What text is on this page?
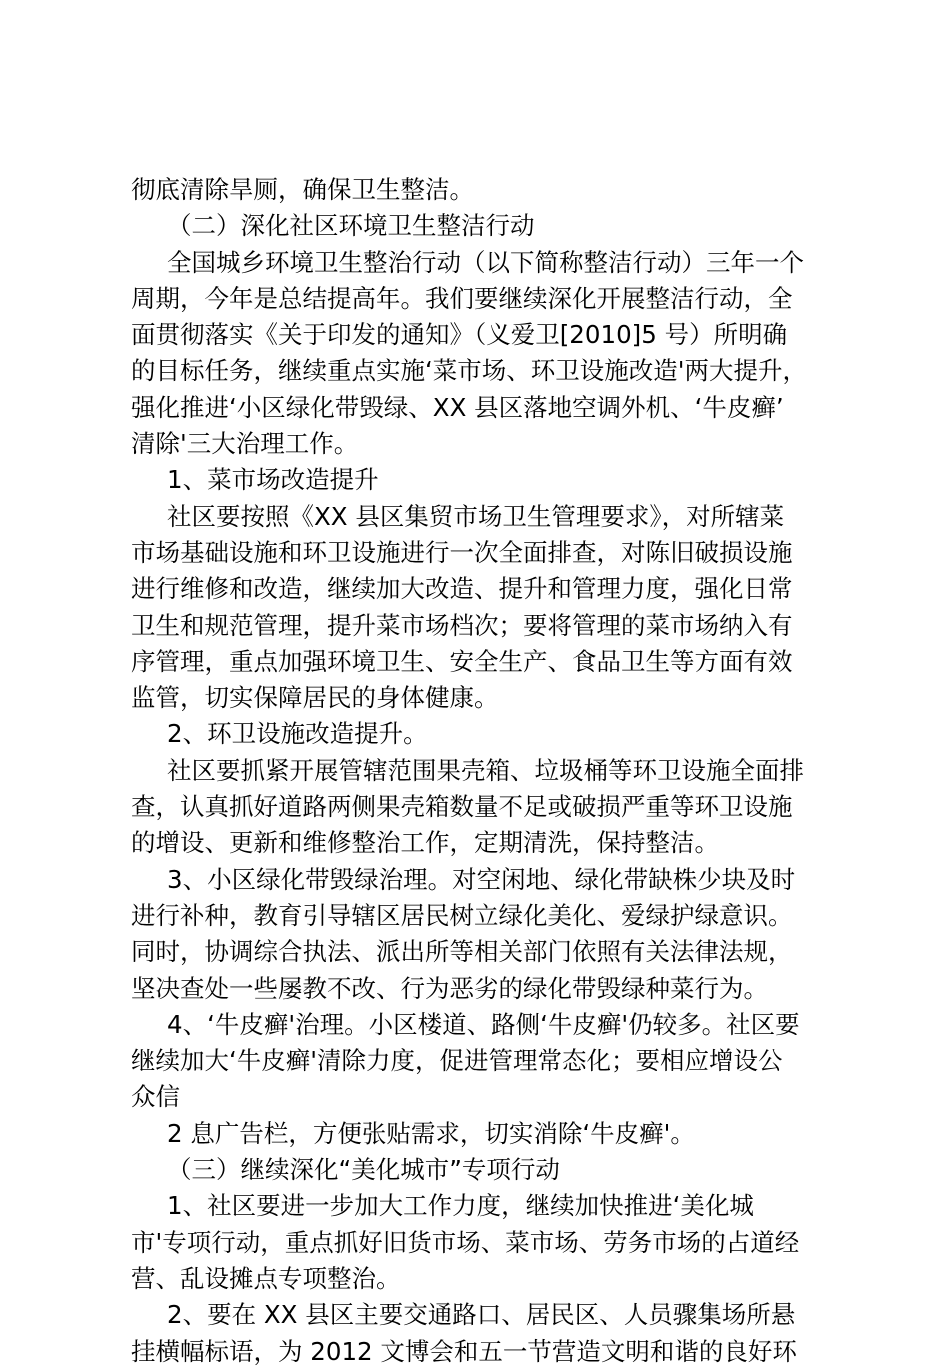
彻底清除旱厕，确保卫生整洁。
（二）深化社区环境卫生整洁行动
全国城乡环境卫生整治行动（以下简称整洁行动）三年一个
周期，今年是总结提高年。我们要继续深化开展整洁行动，全
面贯彻落实《关于印发的通知》（义爱卫[2010]5 号）所明确
的目标任务，继续重点实施‘菜市场、环卫设施改造'两大提升，
强化推进‘小区绿化带毁绿、XX 县区落地空调外机、‘牛皮癣’
清除'三大治理工作。
1、菜市场改造提升
社区要按照《XX 县区集贸市场卫生管理要求》，对所辖菜
市场基础设施和环卫设施进行一次全面排查，对陈旧破损设施
进行维修和改造，继续加大改造、提升和管理力度，强化日常
卫生和规范管理，提升菜市场档次；要将管理的菜市场纳入有
序管理，重点加强环境卫生、安全生产、食品卫生等方面有效
监管，切实保障居民的身体健康。
2、环卫设施改造提升。
社区要抓紧开展管辖范围果壳箱、垃圾桶等环卫设施全面排
查，认真抓好道路两侧果壳箱数量不足或破损严重等环卫设施
的增设、更新和维修整治工作，定期清洗，保持整洁。
3、小区绿化带毁绿治理。对空闲地、绿化带缺株少块及时
进行补种，教育引导辖区居民树立绿化美化、爱绿护绿意识。
同时，协调综合执法、派出所等相关部门依照有关法律法规，
坚决查处一些屡教不改、行为恶劣的绿化带毁绿种菜行为。
4、‘牛皮癣'治理。小区楼道、路侧‘牛皮癣'仍较多。社区要
继续加大‘牛皮癣'清除力度，促进管理常态化；要相应增设公
众信
2 息广告栏，方便张贴需求，切实消除‘牛皮癣'。
（三）继续深化“美化城市”专项行动
1、社区要进一步加大工作力度，继续加快推进‘美化城
市'专项行动，重点抓好旧货市场、菜市场、劳务市场的占道经
营、乱设摊点专项整治。
2、要在 XX 县区主要交通路口、居民区、人员骤集场所悬
挂横幅标语，为 2012 文博会和五一节营造文明和谐的良好环
